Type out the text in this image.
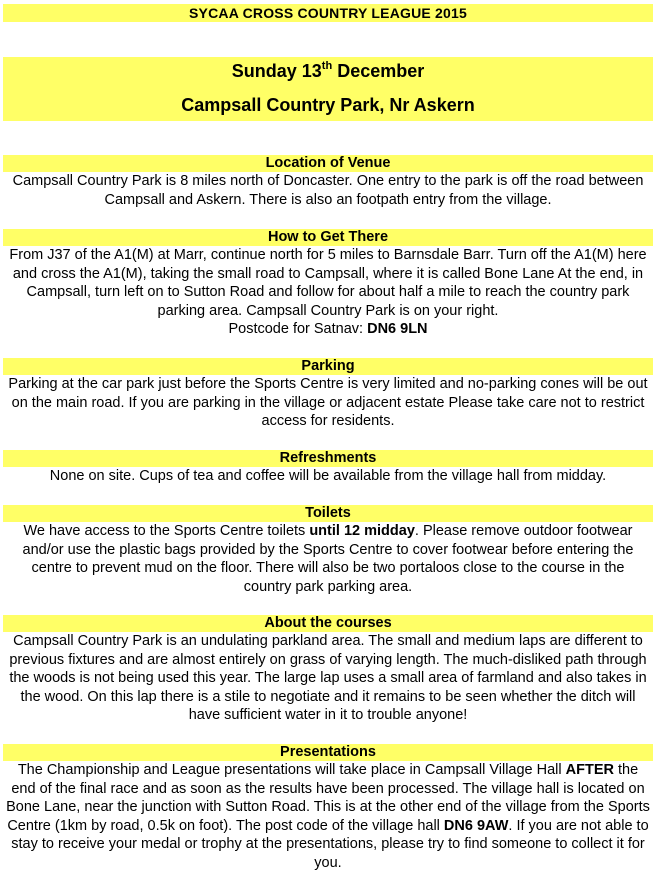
SYCAA CROSS COUNTRY LEAGUE 2015
Sunday 13th December
Campsall Country Park, Nr Askern
Location of Venue

Campsall Country Park is 8 miles north of Doncaster. One entry to the park is off the road between Campsall and Askern. There is also an footpath entry from the village.

How to Get There

From J37 of the A1(M) at Marr, continue north for 5 miles to Barnsdale Barr. Turn off the A1(M) here and cross the A1(M), taking the small road to Campsall, where it is called Bone Lane At the end, in Campsall, turn left on to Sutton Road and follow for about half a mile to reach the country park parking area. Campsall Country Park is on your right.

Postcode for Satnav: DN6 9LN

Parking

Parking at the car park just before the Sports Centre is very limited and no-parking cones will be out on the main road. If you are parking in the village or adjacent estate Please take care not to restrict access for residents.

Refreshments

None on site. Cups of tea and coffee will be available from the village hall from midday.

Toilets

We have access to the Sports Centre toilets until 12 midday. Please remove outdoor footwear and/or use the plastic bags provided by the Sports Centre to cover footwear before entering the centre to prevent mud on the floor. There will also be two portaloos close to the course in the country park parking area.

About the courses

Campsall Country Park is an undulating parkland area. The small and medium laps are different to previous fixtures and are almost entirely on grass of varying length. The much-disliked path through the woods is not being used this year. The large lap uses a small area of farmland and also takes in the wood. On this lap there is a stile to negotiate and it remains to be seen whether the ditch will have sufficient water in it to trouble anyone!

Presentations

The Championship and League presentations will take place in Campsall Village Hall AFTER the end of the final race and as soon as the results have been processed. The village hall is located on Bone Lane, near the junction with Sutton Road. This is at the other end of the village from the Sports Centre (1km by road, 0.5k on foot). The post code of the village hall DN6 9AW. If you are not able to stay to receive your medal or trophy at the presentations, please try to find someone to collect it for you.
